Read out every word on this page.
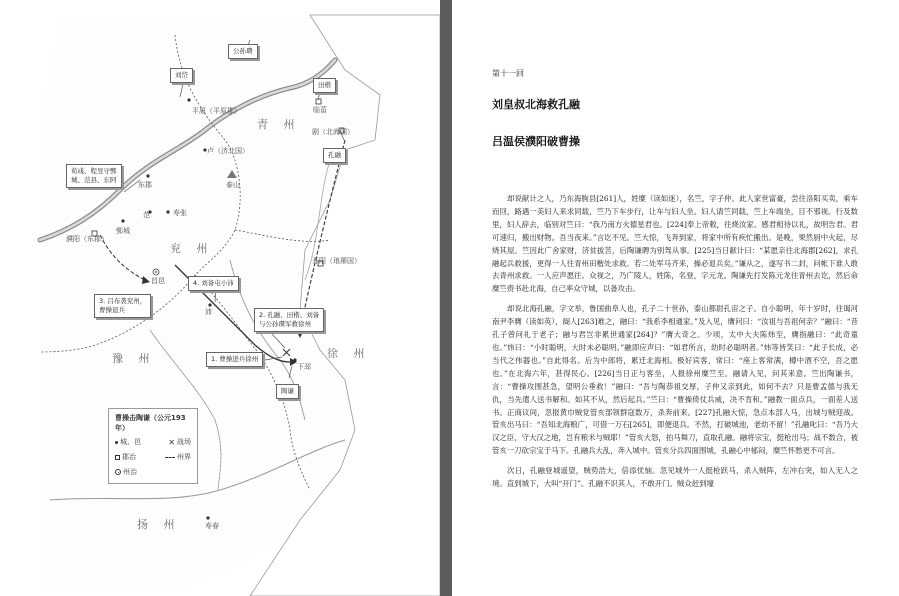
青 州
兖 州
豫 州	徐 州
扬 州
平原（平原郡）
卢（济北国）
泰山
东郡
范	寿张
濮阳（东郡）
鄄城
临菑
剧（北海国）
开阳（琅琊国）
昌邑
沛
下邳
寿春
公孙瓒
刘岱
田楷
孔融
荀彧、程昱守鄄
城、范县、东阿
4. 刘备屯小沛
3. 吕布袭兖州，
曹操退兵
2. 孔融、田楷、刘备
与公孙瓒军救徐州
1. 曹操进兵徐州
陶谦
曹操击陶谦（公元193年）
城、邑	✕ 战场
郡治	州界
州治
第十一回
刘皇叔北海救孔融
吕温侯濮阳破曹操

却说献计之人，乃东海朐县[261]人，姓糜（读如迷），名竺，字子仲。此人家世富豪，尝往洛阳买卖，乘车而回，路遇一美妇人来求同载，竺乃下车步行，让车与妇人坐。妇人请竺同载，竺上车端坐，目不邪视。行及数里，妇人辞去，临别对竺曰：“我乃南方火德星君也。[224]奉上帝敕，往烧汝家。感君相待以礼，故明告君。君可速归，搬出财物。吾当夜来。”言讫不见。竺大惊，飞奔到家，将家中所有疾忙搬出。是晚，果然厨中火起，尽烧其屋。竺因此广舍家财，济贫拔苦，后陶谦聘为别驾从事。[225]当日献计曰：“某愿亲往北海郡[262]，求孔融起兵救援，更得一人往青州田楷处求救。若二处军马齐来，操必退兵矣。”谦从之，遂写书二封，问帐下谁人敢去青州求救。一人应声愿往。众视之，乃广陵人，姓陈，名登，字元龙。陶谦先打发陈元龙往青州去讫，然后命糜竺赍书赴北海，自己率众守城，以备攻击。

却说北海孔融，字文举，鲁国曲阜人也，孔子二十世孙，泰山都尉孔宙之子。自小聪明，年十岁时，往谒河南尹李膺（读如英），阍人[263]难之，融曰：“我系李相通家。”及入见，膺问曰：“汝祖与吾祖何亲？”融曰：“昔孔子曾问礼于老子；融与君岂非累世通家[264]？”膺大奇之。少顷，太中大夫陈炜至，膺指融曰：“此奇童也。”炜曰：“小时聪明，大时未必聪明。”融即应声曰：“如君所言，幼时必聪明者。”炜等皆笑曰：“此子长成，必当代之伟器也。”自此得名。后为中郎将，累迁北海相。极好宾客，常曰：“座上客常满，樽中酒不空，吾之愿也。”在北海六年，甚得民心。[226]当日正与客坐，人报徐州糜竺至。融请入见，问其来意。竺出陶谦书，言：“曹操攻围甚急，望明公垂救！”融曰：“吾与陶恭祖交厚，子仲又亲到此，如何不去？只是曹孟德与我无仇，当先遣人送书解和。如其不从，然后起兵。”竺曰：“曹操倚仗兵威，决不肯和。”融教一面点兵，一面差人送书。正商议间，忽报黄巾贼党管亥部领群寇数万，杀奔前来。[227]孔融大惊，急点本部人马，出城与贼迎战。管亥出马曰：“吾知北海粮广，可借一万石[265]，即便退兵。不然，打破城池，老幼不留！”孔融叱曰：“吾乃大汉之臣，守大汉之地，岂有粮米与贼耶！”管亥大怒，拍马舞刀，直取孔融。融将宗宝，挺枪出马；战不数合，被管亥一刀砍宗宝于马下。孔融兵大乱，奔入城中。管亥分兵四面围城，孔融心中郁闷，糜竺怀愁更不可言。

次日，孔融登城遥望，贼势浩大，倍添忧恼。忽见城外一人挺枪跃马，杀入贼阵，左冲右突，如入无人之境。直到城下，大叫“开门”。孔融不识其人，不敢开门。贼众赶到壕
